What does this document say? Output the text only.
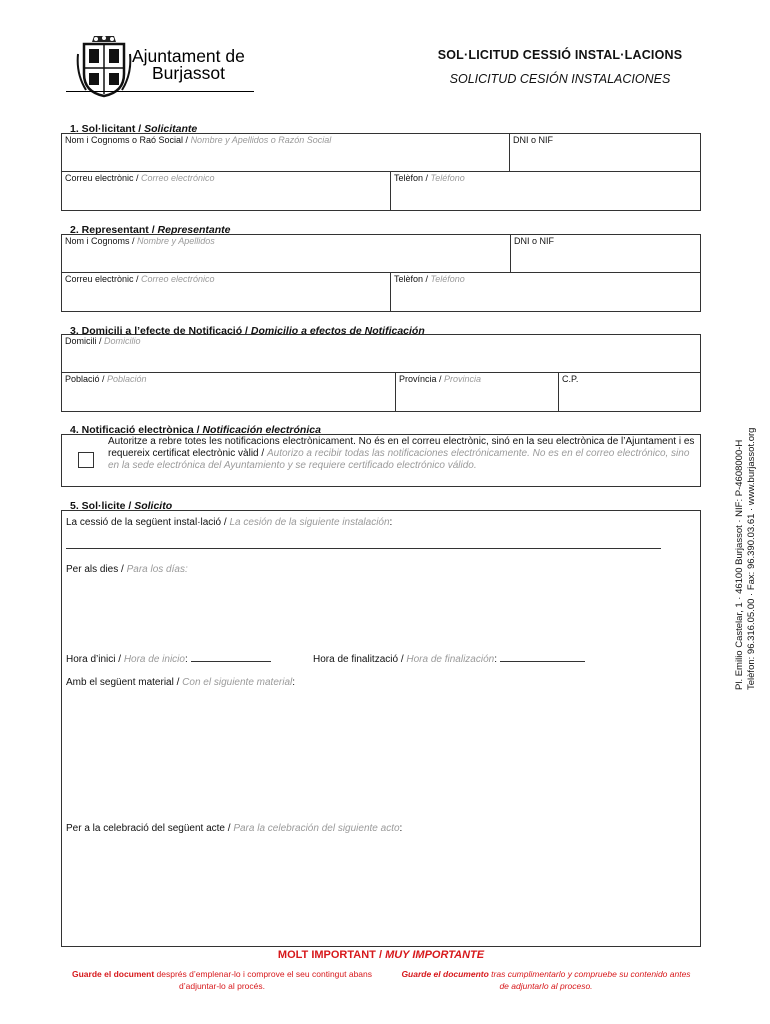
Ajuntament de
Burjassot
SOL·LICITUD CESSIÓ INSTAL·LACIONS
SOLICITUD CESIÓN INSTALACIONES
1. Sol·licitant / Solicitante
Nom i Cognoms o Raó Social / Nombre y Apellidos o Razón Social	DNI o NIF
Correu electrònic / Correo electrónico	Telèfon / Teléfono
2. Representant / Representante
Nom i Cognoms / Nombre y Apellidos	DNI o NIF
Correu electrònic / Correo electrónico	Telèfon / Teléfono
3. Domicili a l’efecte de Notificació / Domicilio a efectos de Notificación
Domicili / Domicilio
Població / Población	Província / Provincia	C.P.
4. Notificació electrònica / Notificación electrónica
Autoritze a rebre totes les notificacions electrònicament. No és en el correu electrònic, sinó en la seu electrònica de l’Ajuntament i es requereix certificat electrònic vàlid / Autorizo a recibir todas las notificaciones electrónicamente. No es en el correo electrónico, sino en la sede electrónica del Ayuntamiento y se requiere certificado electrónico válido.
5. Sol·licite / Solicito
La cessió de la següent instal·lació / La cesión de la siguiente instalación:
Per als dies / Para los días:
Hora d’inici / Hora de inicio:	Hora de finalització / Hora de finalización:
Amb el següent material / Con el siguiente material:
Per a la celebració del següent acte / Para la celebración del siguiente acto:
MOLT IMPORTANT / MUY IMPORTANTE
Guarde el document després d’emplenar-lo i comprove el seu contingut abans d’adjuntar-lo al procés.
Guarde el documento tras cumplimentarlo y compruebe su contenido antes de adjuntarlo al proceso.
Pl. Emilio Castelar, 1 · 46100 Burjassot · NIF: P-4608000-H Telèfon: 96.316.05.00 · Fax: 96.390.03.61 · www.burjassot.org
